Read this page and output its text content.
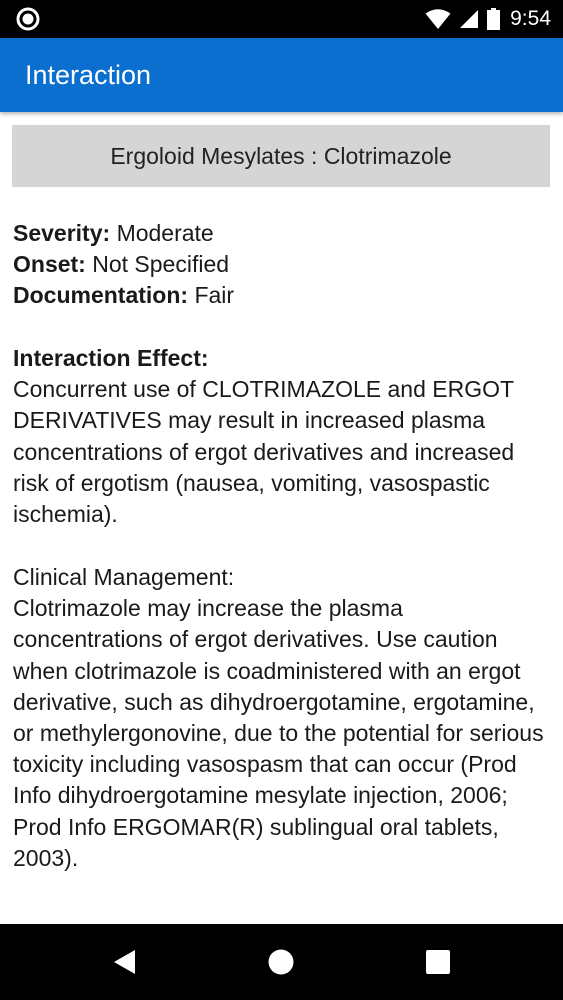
9:54
Interaction
Ergoloid Mesylates : Clotrimazole
Severity: Moderate
Onset: Not Specified
Documentation: Fair
Interaction Effect:
Concurrent use of CLOTRIMAZOLE and ERGOT DERIVATIVES may result in increased plasma concentrations of ergot derivatives and increased risk of ergotism (nausea, vomiting, vasospastic ischemia).
Clinical Management:
Clotrimazole may increase the plasma concentrations of ergot derivatives. Use caution when clotrimazole is coadministered with an ergot derivative, such as dihydroergotamine, ergotamine, or methylergonovine, due to the potential for serious toxicity including vasospasm that can occur (Prod Info dihydroergotamine mesylate injection, 2006; Prod Info ERGOMAR(R) sublingual oral tablets, 2003).
